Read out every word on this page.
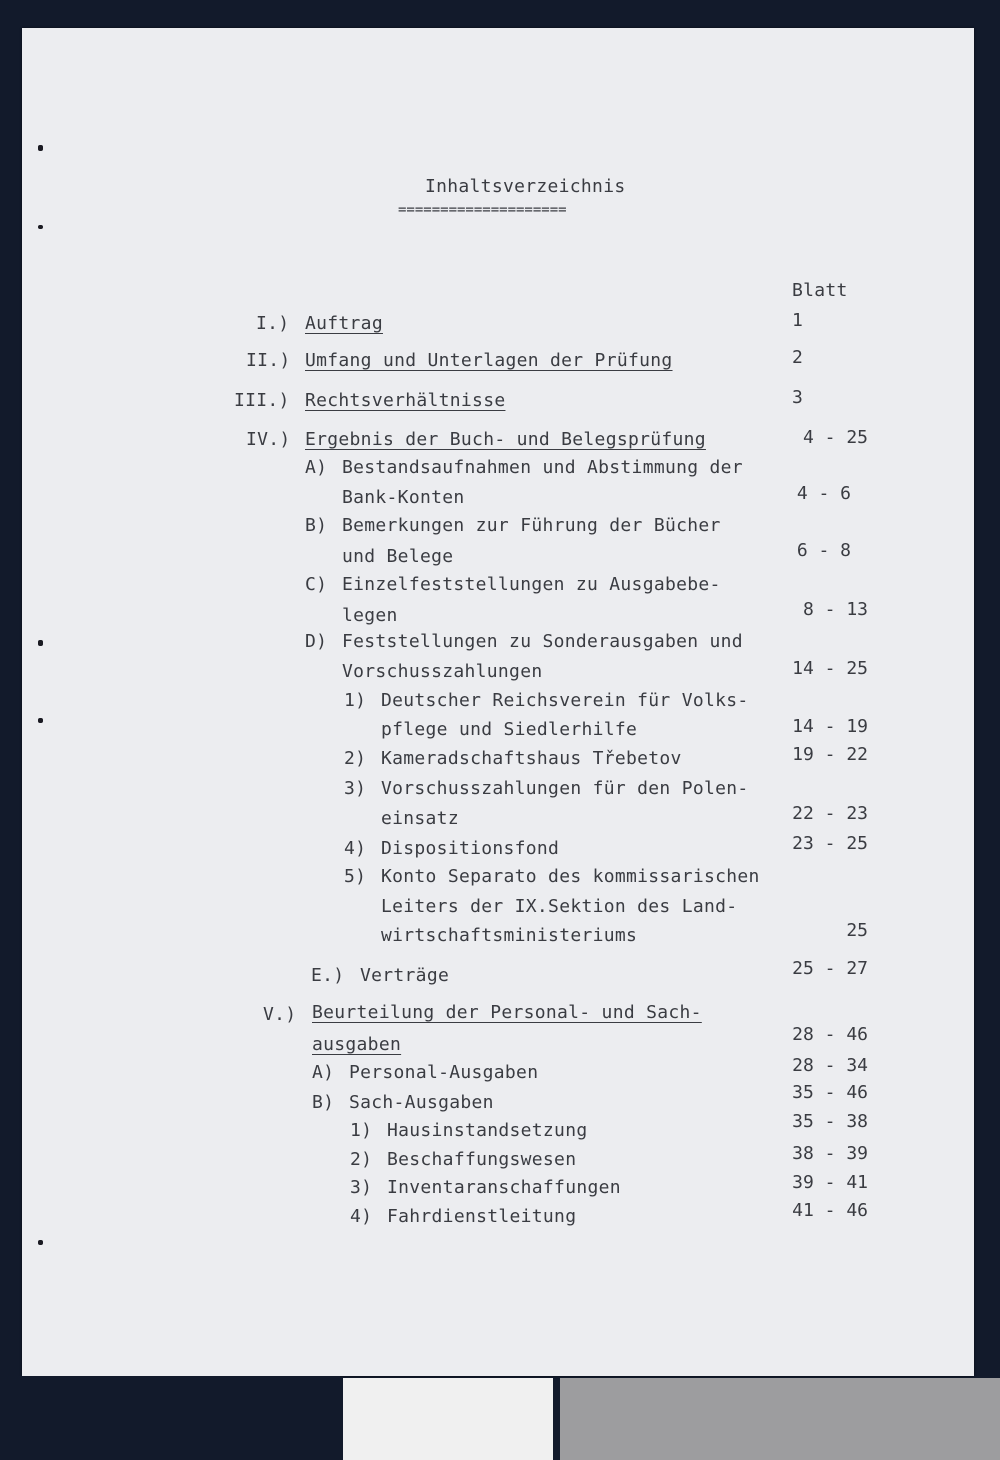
Inhaltsverzeichnis
====================
Blatt
I.) Auftrag	1
II.) Umfang und Unterlagen der Prüfung	2
III.) Rechtsverhältnisse	3
IV.) Ergebnis der Buch- und Belegsprüfung	4 - 25
A) Bestandsaufnahmen und Abstimmung der
Bank-Konten	4 - 6
B) Bemerkungen zur Führung der Bücher
und Belege	6 - 8
C) Einzelfeststellungen zu Ausgabebe-
legen	8 - 13
D) Feststellungen zu Sonderausgaben und
Vorschusszahlungen	14 - 25
1) Deutscher Reichsverein für Volks-
pflege und Siedlerhilfe	14 - 19
2) Kameradschaftshaus Třebetov	19 - 22
3) Vorschusszahlungen für den Polen-
einsatz	22 - 23
4) Dispositionsfond	23 - 25
5) Konto Separato des kommissarischen
Leiters der IX.Sektion des Land-
wirtschaftsministeriums	25
E.) Verträge	25 - 27
V.) Beurteilung der Personal- und Sach-
ausgaben	28 - 46
A) Personal-Ausgaben	28 - 34
B) Sach-Ausgaben	35 - 46
1) Hausinstandsetzung	35 - 38
2) Beschaffungswesen	38 - 39
3) Inventaranschaffungen	39 - 41
4) Fahrdienstleitung	41 - 46
